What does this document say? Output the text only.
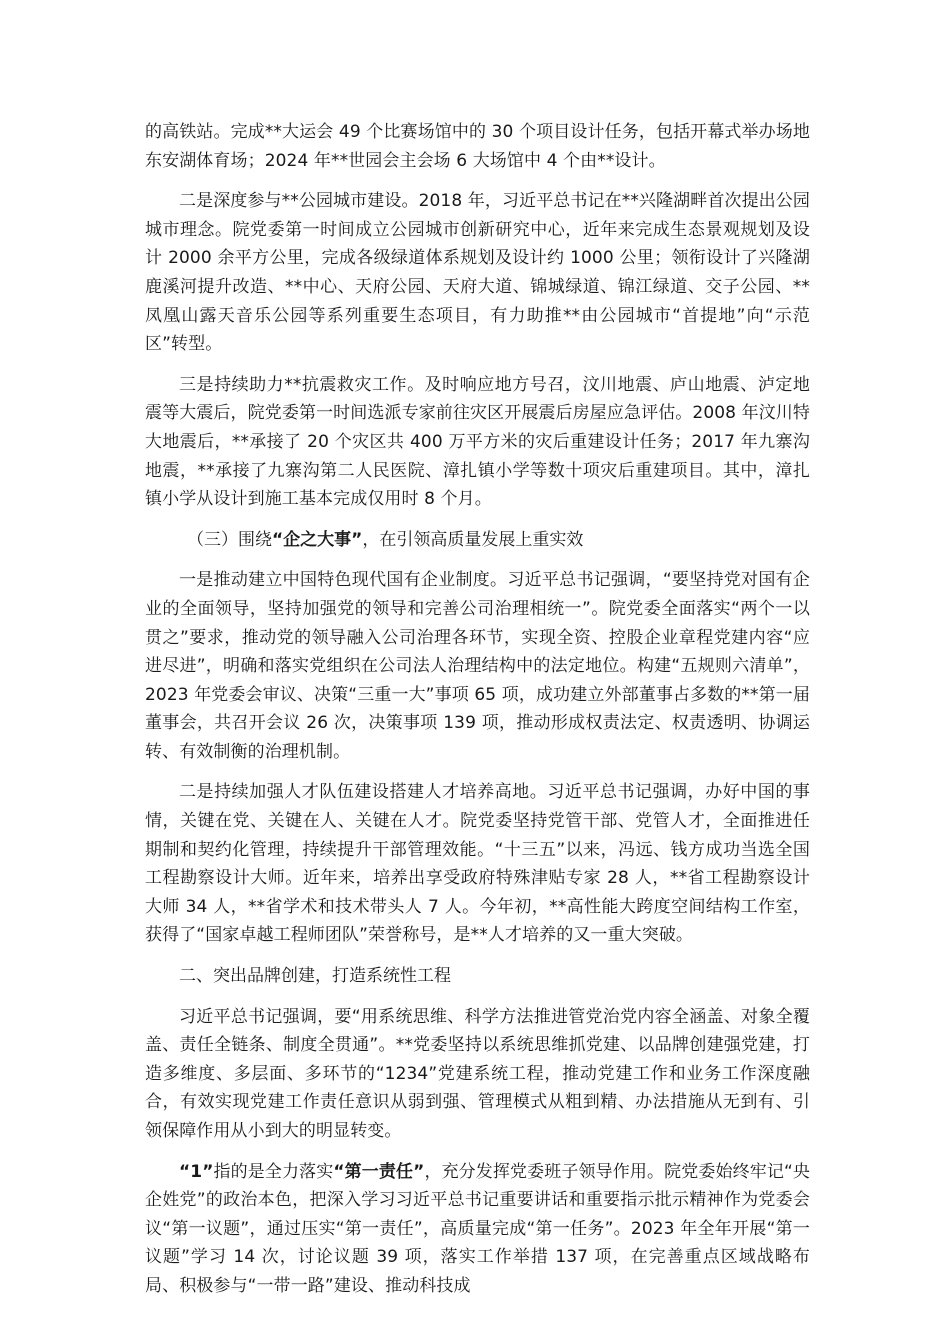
的高铁站。完成**大运会 49 个比赛场馆中的 30 个项目设计任务，包括开幕式举办场地东安湖体育场；2024 年**世园会主会场 6 大场馆中 4 个由**设计。

二是深度参与**公园城市建设。2018 年，习近平总书记在**兴隆湖畔首次提出公园城市理念。院党委第一时间成立公园城市创新研究中心，近年来完成生态景观规划及设计 2000 余平方公里，完成各级绿道体系规划及设计约 1000 公里；领衔设计了兴隆湖鹿溪河提升改造、**中心、天府公园、天府大道、锦城绿道、锦江绿道、交子公园、**凤凰山露天音乐公园等系列重要生态项目，有力助推**由公园城市“首提地”向“示范区”转型。

三是持续助力**抗震救灾工作。及时响应地方号召，汶川地震、庐山地震、泸定地震等大震后，院党委第一时间选派专家前往灾区开展震后房屋应急评估。2008 年汶川特大地震后，**承接了 20 个灾区共 400 万平方米的灾后重建设计任务；2017 年九寨沟地震，**承接了九寨沟第二人民医院、漳扎镇小学等数十项灾后重建项目。其中，漳扎镇小学从设计到施工基本完成仅用时 8 个月。

（三）围绕“企之大事”，在引领高质量发展上重实效

一是推动建立中国特色现代国有企业制度。习近平总书记强调，“要坚持党对国有企业的全面领导，坚持加强党的领导和完善公司治理相统一”。院党委全面落实“两个一以贯之”要求，推动党的领导融入公司治理各环节，实现全资、控股企业章程党建内容“应进尽进”，明确和落实党组织在公司法人治理结构中的法定地位。构建“五规则六清单”，2023 年党委会审议、决策“三重一大”事项 65 项，成功建立外部董事占多数的**第一届董事会，共召开会议 26 次，决策事项 139 项，推动形成权责法定、权责透明、协调运转、有效制衡的治理机制。

二是持续加强人才队伍建设搭建人才培养高地。习近平总书记强调，办好中国的事情，关键在党、关键在人、关键在人才。院党委坚持党管干部、党管人才，全面推进任期制和契约化管理，持续提升干部管理效能。“十三五”以来，冯远、钱方成功当选全国工程勘察设计大师。近年来，培养出享受政府特殊津贴专家 28 人，**省工程勘察设计大师 34 人，**省学术和技术带头人 7 人。今年初，**高性能大跨度空间结构工作室，获得了“国家卓越工程师团队”荣誉称号，是**人才培养的又一重大突破。

二、突出品牌创建，打造系统性工程

习近平总书记强调，要“用系统思维、科学方法推进管党治党内容全涵盖、对象全覆盖、责任全链条、制度全贯通”。**党委坚持以系统思维抓党建、以品牌创建强党建，打造多维度、多层面、多环节的“1234”党建系统工程，推动党建工作和业务工作深度融合，有效实现党建工作责任意识从弱到强、管理模式从粗到精、办法措施从无到有、引领保障作用从小到大的明显转变。

“1”指的是全力落实“第一责任”，充分发挥党委班子领导作用。院党委始终牢记“央企姓党”的政治本色，把深入学习习近平总书记重要讲话和重要指示批示精神作为党委会议“第一议题”，通过压实“第一责任”，高质量完成“第一任务”。2023 年全年开展“第一议题”学习 14 次，讨论议题 39 项，落实工作举措 137 项，在完善重点区域战略布局、积极参与“一带一路”建设、推动科技成
